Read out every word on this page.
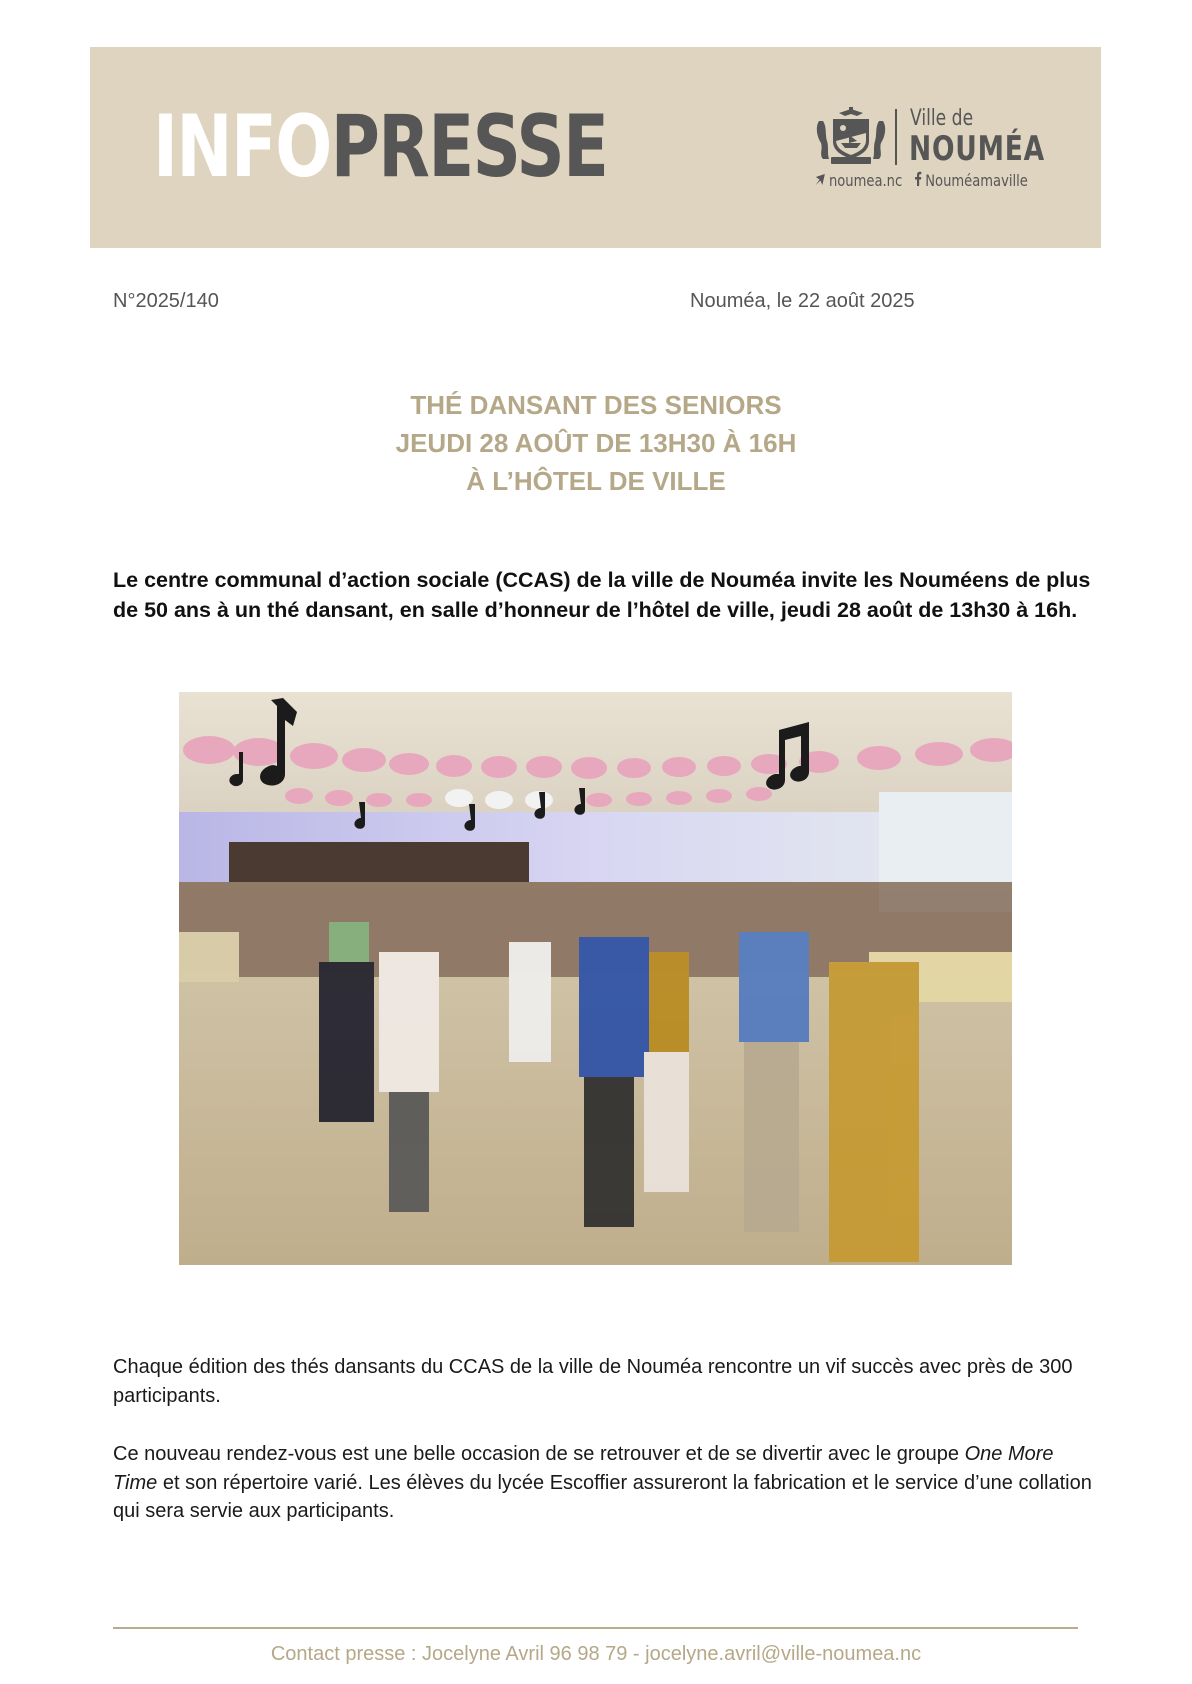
INFOPRESSE	Ville de
NOUMÉA
noumea.nc Nouméamaville
N°2025/140	Nouméa, le 22 août 2025
THÉ DANSANT DES SENIORS
JEUDI 28 AOÛT DE 13H30 À 16H
À L’HÔTEL DE VILLE
Le centre communal d’action sociale (CCAS) de la ville de Nouméa invite les Nouméens de plus de 50 ans à un thé dansant, en salle d’honneur de l’hôtel de ville, jeudi 28 août de 13h30 à 16h.
Chaque édition des thés dansants du CCAS de la ville de Nouméa rencontre un vif succès avec près de 300 participants.
Ce nouveau rendez-vous est une belle occasion de se retrouver et de se divertir avec le groupe One More Time et son répertoire varié. Les élèves du lycée Escoffier assureront la fabrication et le service d’une collation qui sera servie aux participants.
Contact presse : Jocelyne Avril 96 98 79 - jocelyne.avril@ville-noumea.nc
